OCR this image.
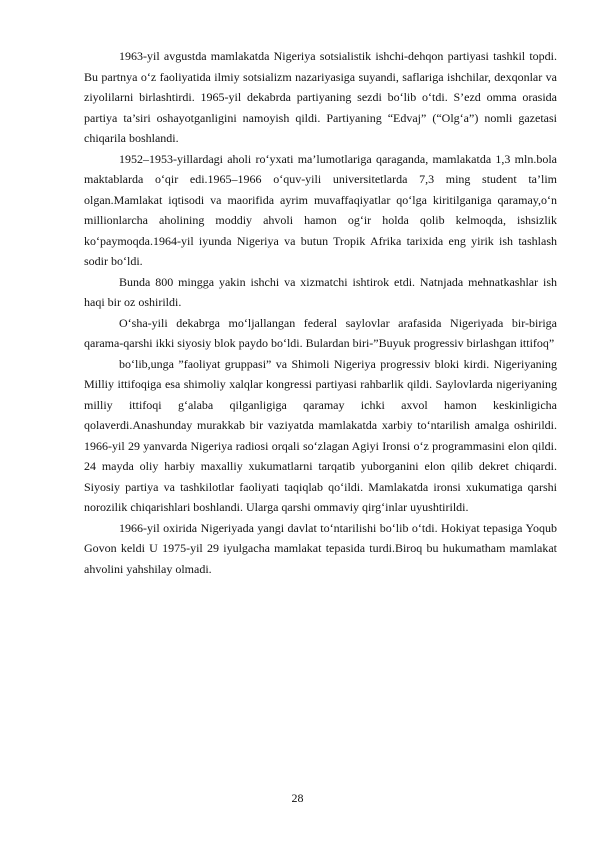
1963-yil avgustda mamlakatda Nigeriya sotsialistik ishchi-dehqon partiyasi tashkil topdi. Bu partnya o‘z faoliyatida ilmiy sotsializm nazariyasiga suyandi, saflariga ishchilar, dexqonlar va ziyolilarni birlashtirdi. 1965-yil dekabrda partiyaning sezdi bo‘lib o‘tdi. S’ezd omma orasida partiya ta’siri oshayotganligini namoyish qildi. Partiyaning “Edvaj” (“Olg‘a”) nomli gazetasi chiqarila boshlandi.

1952–1953-yillardagi aholi ro‘yxati ma’lumotlariga qaraganda, mamlakatda 1,3 mln.bola maktablarda o‘qir edi.1965–1966 o‘quv-yili universitetlarda 7,3 ming student ta’lim olgan.Mamlakat iqtisodi va maorifida ayrim muvaffaqiyatlar qo‘lga kiritilganiga qaramay,o‘n millionlarcha aholining moddiy ahvoli hamon og‘ir holda qolib kelmoqda, ishsizlik ko‘paymoqda.1964-yil iyunda Nigeriya va butun Tropik Afrika tarixida eng yirik ish tashlash sodir bo‘ldi.

Bunda 800 mingga yakin ishchi va xizmatchi ishtirok etdi. Natnjada mehnatkashlar ish haqi bir oz oshirildi.

O‘sha-yili dekabrga mo‘ljallangan federal saylovlar arafasida Nigeriyada bir-biriga qarama-qarshi ikki siyosiy blok paydo bo‘ldi. Bulardan biri-”Buyuk progressiv birlashgan ittifoq”

bo‘lib,unga ”faoliyat gruppasi” va Shimoli Nigeriya progressiv bloki kirdi. Nigeriyaning Milliy ittifoqiga esa shimoliy xalqlar kongressi partiyasi rahbarlik qildi. Saylovlarda nigeriyaning milliy ittifoqi g‘alaba qilganligiga qaramay ichki axvol hamon keskinligicha qolaverdi.Anashunday murakkab bir vaziyatda mamlakatda xarbiy to‘ntarilish amalga oshirildi. 1966-yil 29 yanvarda Nigeriya radiosi orqali so‘zlagan Agiyi Ironsi o‘z programmasini elon qildi. 24 mayda oliy harbiy maxalliy xukumatlarni tarqatib yuborganini elon qilib dekret chiqardi. Siyosiy partiya va tashkilotlar faoliyati taqiqlab qo‘ildi. Mamlakatda ironsi xukumatiga qarshi norozilik chiqarishlari boshlandi. Ularga qarshi ommaviy qirg‘inlar uyushtirildi.

1966-yil oxirida Nigeriyada yangi davlat to‘ntarilishi bo‘lib o‘tdi. Hokiyat tepasiga Yoqub Govon keldi U 1975-yil 29 iyulgacha mamlakat tepasida turdi.Biroq bu hukumatham mamlakat ahvolini yahshilay olmadi.

28
